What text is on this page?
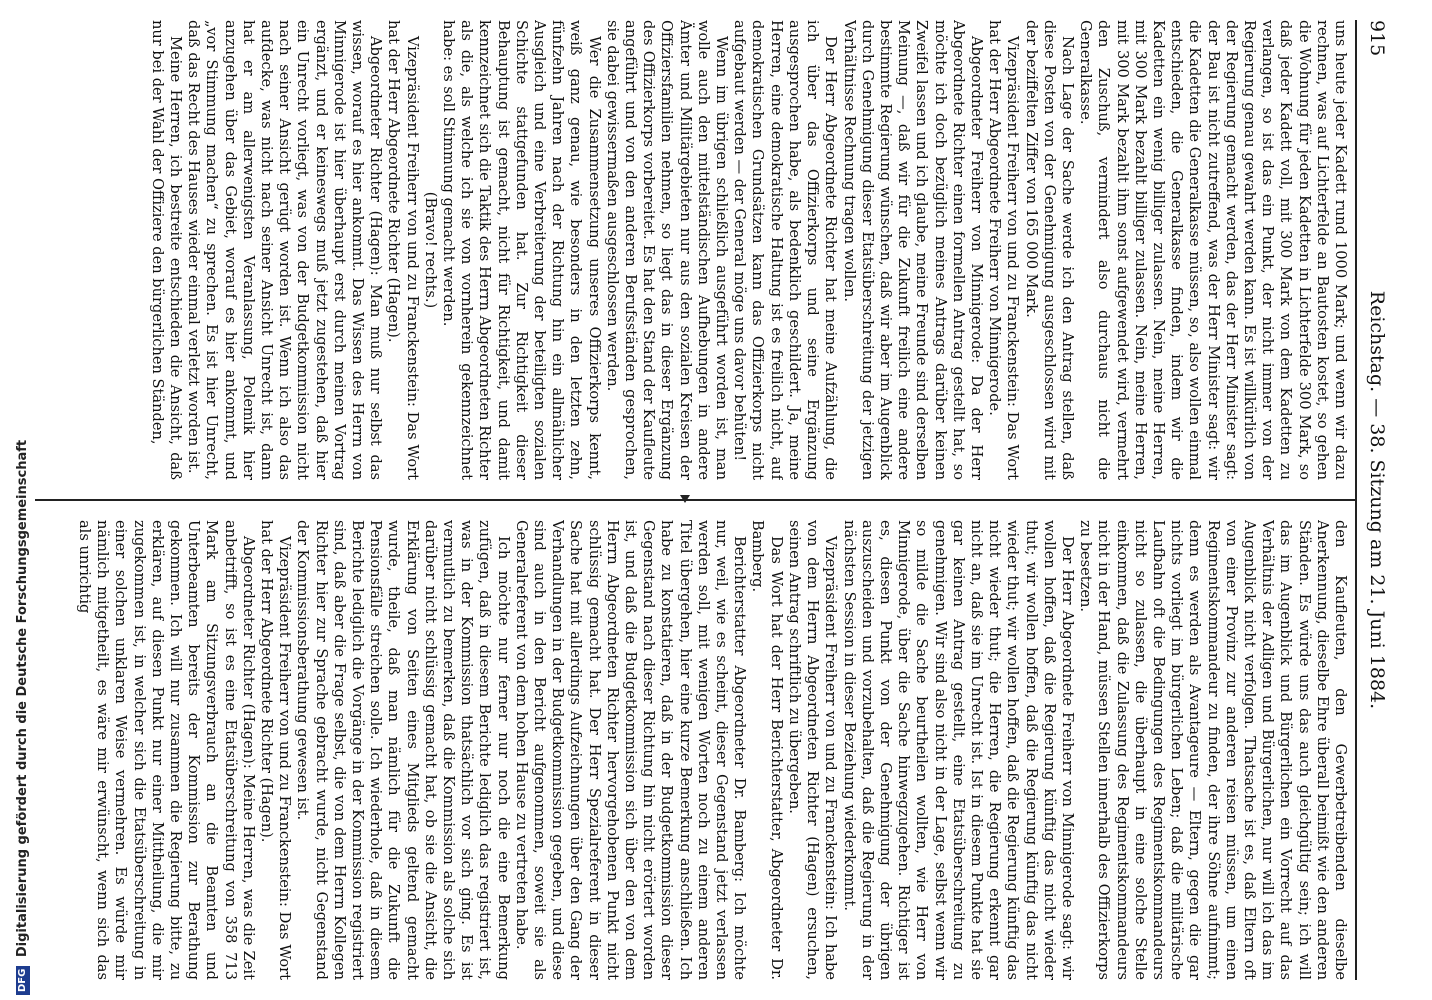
915
Reichstag. — 38. Sitzung am 21. Juni 1884.

uns heute jeder Kadett rund 1000 Mark; und wenn wir dazu rechnen, was auf Lichterfelde an Bautosten kostet, so gehen die Wohnung für jeden Kadetten in Lichterfelde 300 Mark, so daß jeder Kadett voll, mit 300 Mark von dem Kadetten zu verlangen, so ist das ein Punkt, der nicht immer von der Regierung genau gewahrt werden kann. Es ist willkürlich von der Regierung gemacht werden, das der Herr Minister sagt: der Bau ist nicht zutreffend, was der Herr Minister sagt: wir die Kadetten die Generalkasse müssen, so, also wollen einmal entschieden, die Generalkasse finden, indem wir die Kadetten ein wenig billiger zulassen. Nein, meine Herren, mit 300 Mark bezahlt billiger zulassen. Nein, meine Herren, mit 300 Mark bezahlt ihm sonst aufgewendet wird, vermehrt den Zuschuß, vermindert also durchaus nicht die Generalkasse.

Nach Lage der Sache werde ich den Antrag stellen, daß diese Posten von der Genehmigung ausgeschlossen wird mit der beziffelten Ziffer von 165 000 Mark.

Vizepräsident Freiherr von und zu Franckenstein: Das Wort hat der Herr Abgeordnete Freiherr von Minnigerode.

Abgeordneter Freiherr von Minnigerode: Da der Herr Abgeordnete Richter einen formellen Antrag gestellt hat, so möchte ich doch bezüglich meines Antrags darüber keinen Zweifel lassen und ich glaube, meine Freunde sind derselben Meinung —, daß wir für die Zukunft freilich eine andere bestimmte Regierung wünschen, daß wir aber im Augenblick durch Genehmigung dieser Etatsüberschreitung der jetzigen Verhältnisse Rechnung tragen wollen.

Der Herr Abgeordnete Richter hat meine Aufzählung, die ich über das Offizierkorps und seine Ergänzung ausgesprochen habe, als bedenklich geschildert. Ja, meine Herren, eine demokratische Haltung ist es freilich nicht, auf demokratischen Grundsätzen kann das Offizierkorps nicht aufgebaut werden — der General möge uns davor behüten!

Wenn im übrigen schließlich ausgeführt worden ist, man wolle auch den mittelständischen Aufhebungen in andere Ämter und Militärgebieten nur aus den sozialen Kreisen der Offiziersfamilien nehmen, so liegt das in dieser Ergänzung des Offizierkorps vorbereitet. Es hat den Stand der Kaufleute angeführt und von den anderen Berufsständen gesprochen, sie dabei gewissermaßen ausgeschlossen werden.

Wer die Zusammensetzung unseres Offizierkorps kennt, weiß ganz genau, wie besonders in den letzten zehn, fünfzehn Jahren nach der Richtung hin ein allmählicher Ausgleich und eine Verbreiterung der beteiligten sozialen Schichte stattgefunden hat. Zur Richtigkeit dieser Behauptung ist gemacht, nicht für Richtigkeit, und damit kennzeichnet sich die Taktik des Herrn Abgeordneten Richter als die, als welche ich sie von vornherein gekennzeichnet habe: es soll Stimmung gemacht werden.

(Bravo! rechts.)

Vizepräsident Freiherr von und zu Franckenstein: Das Wort hat der Herr Abgeordnete Richter (Hagen).

Abgeordneter Richter (Hagen): Man muß nur selbst das wissen, worauf es hier ankommt. Das Wissen des Herrn von Minnigerode ist hier überhaupt erst durch meinen Vortrag ergänzt, und er keineswegs muß jetzt zugestehen, daß hier ein Unrecht vorliegt, was von der Budgetkommission nicht nach seiner Ansicht gerügt worden ist. Wenn ich also das aufdecke, was nicht nach seiner Ansicht Unrecht ist, dann hat er am allerwenigsten Veranlassung, Polemik hier anzugehen über das Gebiet, worauf es hier ankommt, und „vor Stimmung machen“ zu sprechen. Es ist hier Unrecht, daß das Recht des Hauses wieder einmal verletzt worden ist.

Meine Herren, ich bestreite entschieden die Ansicht, daß nur bei der Wahl der Offiziere den bürgerlichen Ständen,

den Kaufleuten, den Gewerbetreibenden dieselbe Anerkennung, dieselbe Ehre überall beimißt wie den anderen Ständen. Es würde uns das auch gleichgültig sein; ich will das im Augenblick und Bürgerlichen ein Vorrecht auf das Verhältnis der Adligen und Bürgerlichen, nur will ich das im Augenblick nicht verfolgen. Thatsache ist es, daß Eltern oft von einer Provinz zur anderen reisen müssen, um einen Regimentskommandeur zu finden, der ihre Söhne aufnimmt; denn es werden als Avantageure — Eltern, gegen die gar nichts vorliegt im bürgerlichen Leben; daß die militärische Laufbahn oft die Bedingungen des Regimentskommandeurs nicht so zulassen, die überhaupt in eine solche Stelle einkommen, daß die Zulassung des Regimentskommandeurs nicht in der Hand, müssen Stellen innerhalb des Offizierkorps zu besetzen.

Der Herr Abgeordnete Freiherr von Minnigerode sagt: wir wollen hoffen, daß die Regierung künftig das nicht wieder thut; wir wollen hoffen, daß die Regierung künftig das nicht wieder thut; wir wollen hoffen, daß die Regierung künftig das nicht wieder thut; die Herren, die Regierung erkennt gar nicht an, daß sie im Unrecht ist. Ist in diesem Punkte hat sie gar keinen Antrag gestellt, eine Etatsüberschreitung zu genehmigen. Wir sind also nicht in der Lage, selbst wenn wir so milde die Sache beurtheilen wollten, wie Herr von Minnigerode, über die Sache hinwegzugehen. Richtiger ist es, diesen Punkt von der Genehmigung der übrigen auszuscheiden und vorzubehalten, daß die Regierung in der nächsten Session in dieser Beziehung wiederkommt.

Vizepräsident Freiherr von und zu Franckenstein: Ich habe von dem Herrn Abgeordneten Richter (Hagen) ersuchen, seinen Antrag schriftlich zu übergeben.

Das Wort hat der Herr Berichterstatter, Abgeordneter Dr. Bamberg.

Berichterstatter Abgeordneter Dr. Bamberg: Ich möchte nur, weil, wie es scheint, dieser Gegenstand jetzt verlassen werden soll, mit wenigen Worten noch zu einem anderen Titel übergehen, hier eine kurze Bemerkung anschließen. Ich habe zu konstatieren, daß in der Budgetkommission dieser Gegenstand nach dieser Richtung hin nicht erörtert worden ist, und daß die Budgetkommission sich über den von dem Herrn Abgeordneten Richter hervorgehobenen Punkt nicht schlüssig gemacht hat. Der Herr Spezialreferent in dieser Sache hat mit allerdings Aufzeichnungen über den Gang der Verhandlungen in der Budgetkommission gegeben, und diese sind auch in den Bericht aufgenommen, soweit sie als Generalreferent von dem hohen Hause zu vertreten habe.

Ich möchte nur ferner nur noch die eine Bemerkung zufügen, daß in diesem Berichte lediglich das registriert ist, was in der Kommission thatsächlich vor sich ging. Es ist vermutlich zu bemerken, daß die Kommission als solche sich darüber nicht schlüssig gemacht hat, ob sie die Ansicht, die Erklärung von Seiten eines Mitglieds geltend gemacht wurde, theile, daß man nämlich für die Zukunft die Pensionsfälle streichen solle. Ich wiederhole, daß in diesem Berichte lediglich die Vorgänge in der Kommission registriert sind, daß aber die Frage selbst, die von dem Herrn Kollegen Richter hier zur Sprache gebracht wurde, nicht Gegenstand der Kommissionsberathung gewesen ist.

Vizepräsident Freiherr von und zu Franckenstein: Das Wort hat der Herr Abgeordnete Richter (Hagen).

Abgeordneter Richter (Hagen): Meine Herren, was die Zeit anbetrifft, so ist es eine Etatsüberschreitung von 358 713 Mark am Sitzungsverbrauch an die Beamten und Unterbeamten bereits der Kommission zur Berathung gekommen. Ich will nur zusammen die Regierung bitte, zu erklären, auf diesen Punkt nur einer Mittheilung, die mir zugekommen ist, in welcher sich die Etatsüberschreitung in einer solchen unklaren Weise vermehren. Es würde mir nämlich mitgetheilt, es wäre mir erwünscht, wenn sich das als unrichtig

DFG Digitalisierung gefördert durch die Deutsche Forschungsgemeinschaft
